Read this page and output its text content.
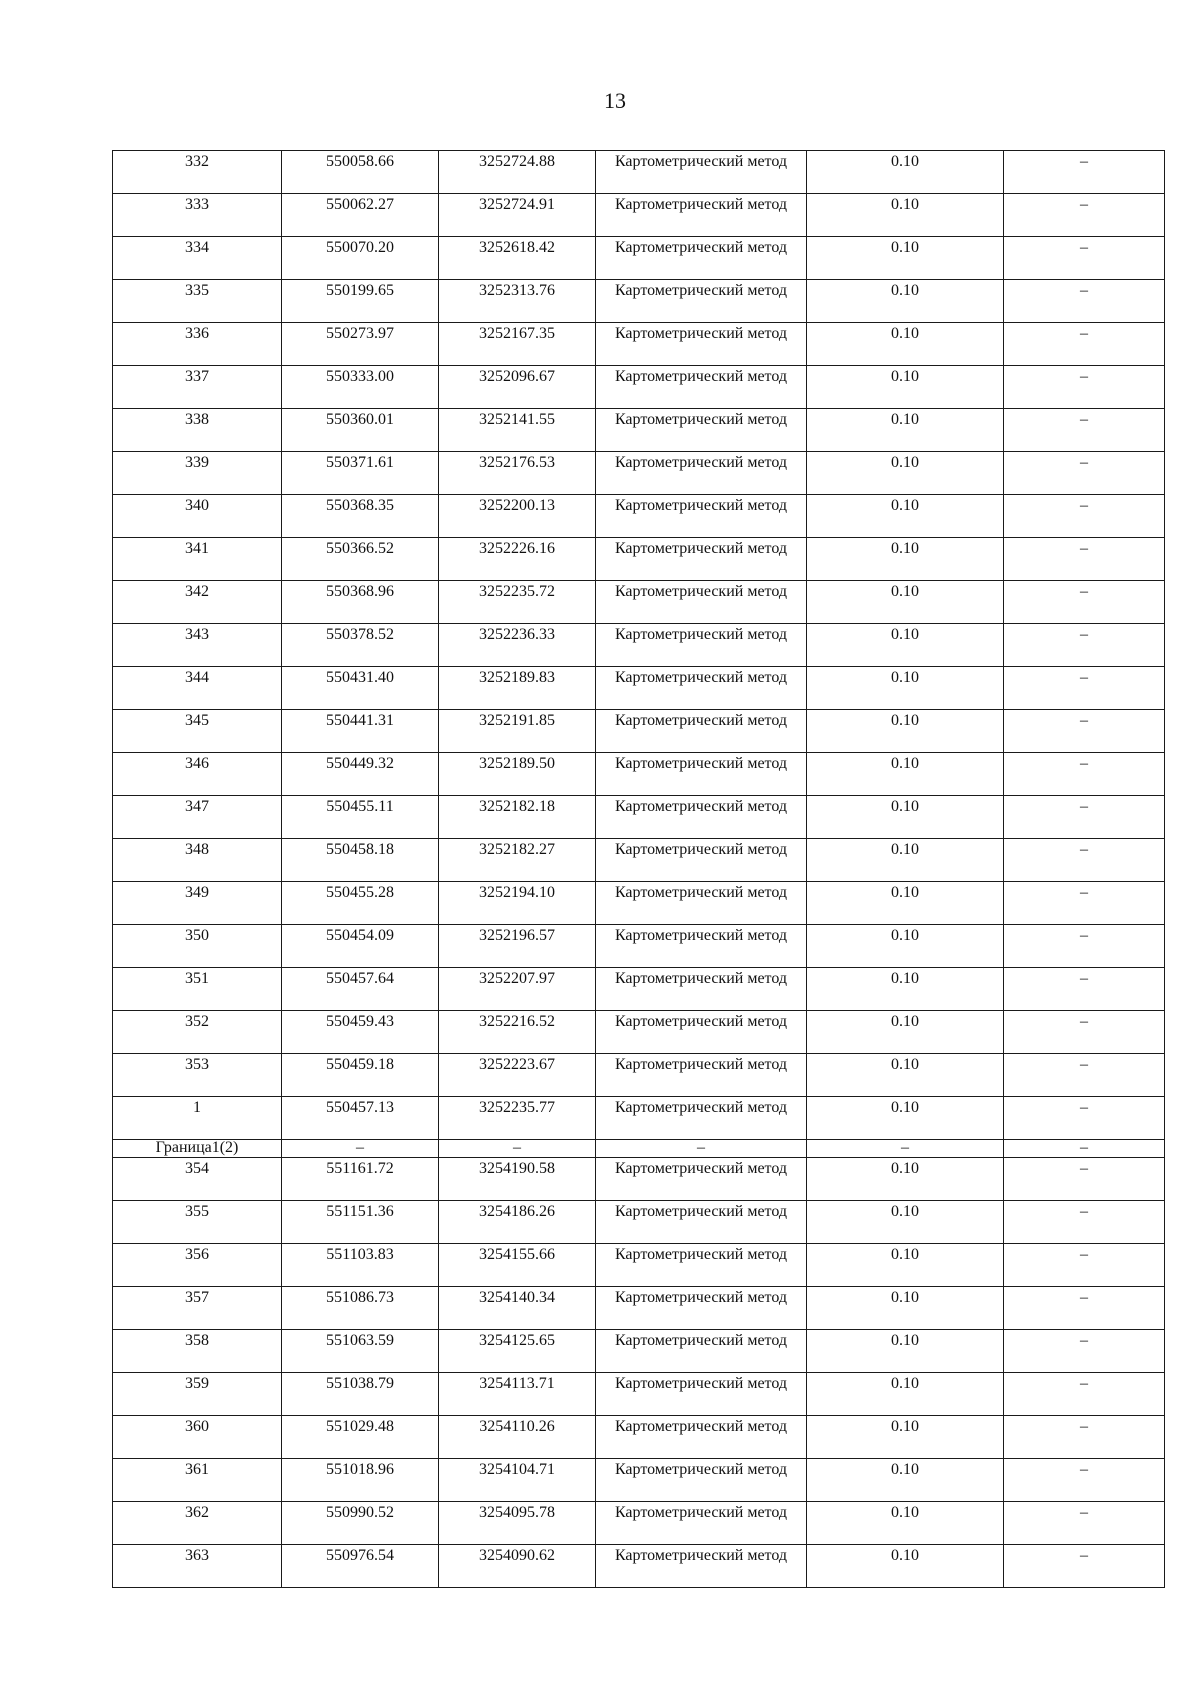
13
332	550058.66	3252724.88	Картометрический метод	0.10	–
333	550062.27	3252724.91	Картометрический метод	0.10	–
334	550070.20	3252618.42	Картометрический метод	0.10	–
335	550199.65	3252313.76	Картометрический метод	0.10	–
336	550273.97	3252167.35	Картометрический метод	0.10	–
337	550333.00	3252096.67	Картометрический метод	0.10	–
338	550360.01	3252141.55	Картометрический метод	0.10	–
339	550371.61	3252176.53	Картометрический метод	0.10	–
340	550368.35	3252200.13	Картометрический метод	0.10	–
341	550366.52	3252226.16	Картометрический метод	0.10	–
342	550368.96	3252235.72	Картометрический метод	0.10	–
343	550378.52	3252236.33	Картометрический метод	0.10	–
344	550431.40	3252189.83	Картометрический метод	0.10	–
345	550441.31	3252191.85	Картометрический метод	0.10	–
346	550449.32	3252189.50	Картометрический метод	0.10	–
347	550455.11	3252182.18	Картометрический метод	0.10	–
348	550458.18	3252182.27	Картометрический метод	0.10	–
349	550455.28	3252194.10	Картометрический метод	0.10	–
350	550454.09	3252196.57	Картометрический метод	0.10	–
351	550457.64	3252207.97	Картометрический метод	0.10	–
352	550459.43	3252216.52	Картометрический метод	0.10	–
353	550459.18	3252223.67	Картометрический метод	0.10	–
1	550457.13	3252235.77	Картометрический метод	0.10	–
Граница1(2)	–	–	–	–	–
354	551161.72	3254190.58	Картометрический метод	0.10	–
355	551151.36	3254186.26	Картометрический метод	0.10	–
356	551103.83	3254155.66	Картометрический метод	0.10	–
357	551086.73	3254140.34	Картометрический метод	0.10	–
358	551063.59	3254125.65	Картометрический метод	0.10	–
359	551038.79	3254113.71	Картометрический метод	0.10	–
360	551029.48	3254110.26	Картометрический метод	0.10	–
361	551018.96	3254104.71	Картометрический метод	0.10	–
362	550990.52	3254095.78	Картометрический метод	0.10	–
363	550976.54	3254090.62	Картометрический метод	0.10	–
